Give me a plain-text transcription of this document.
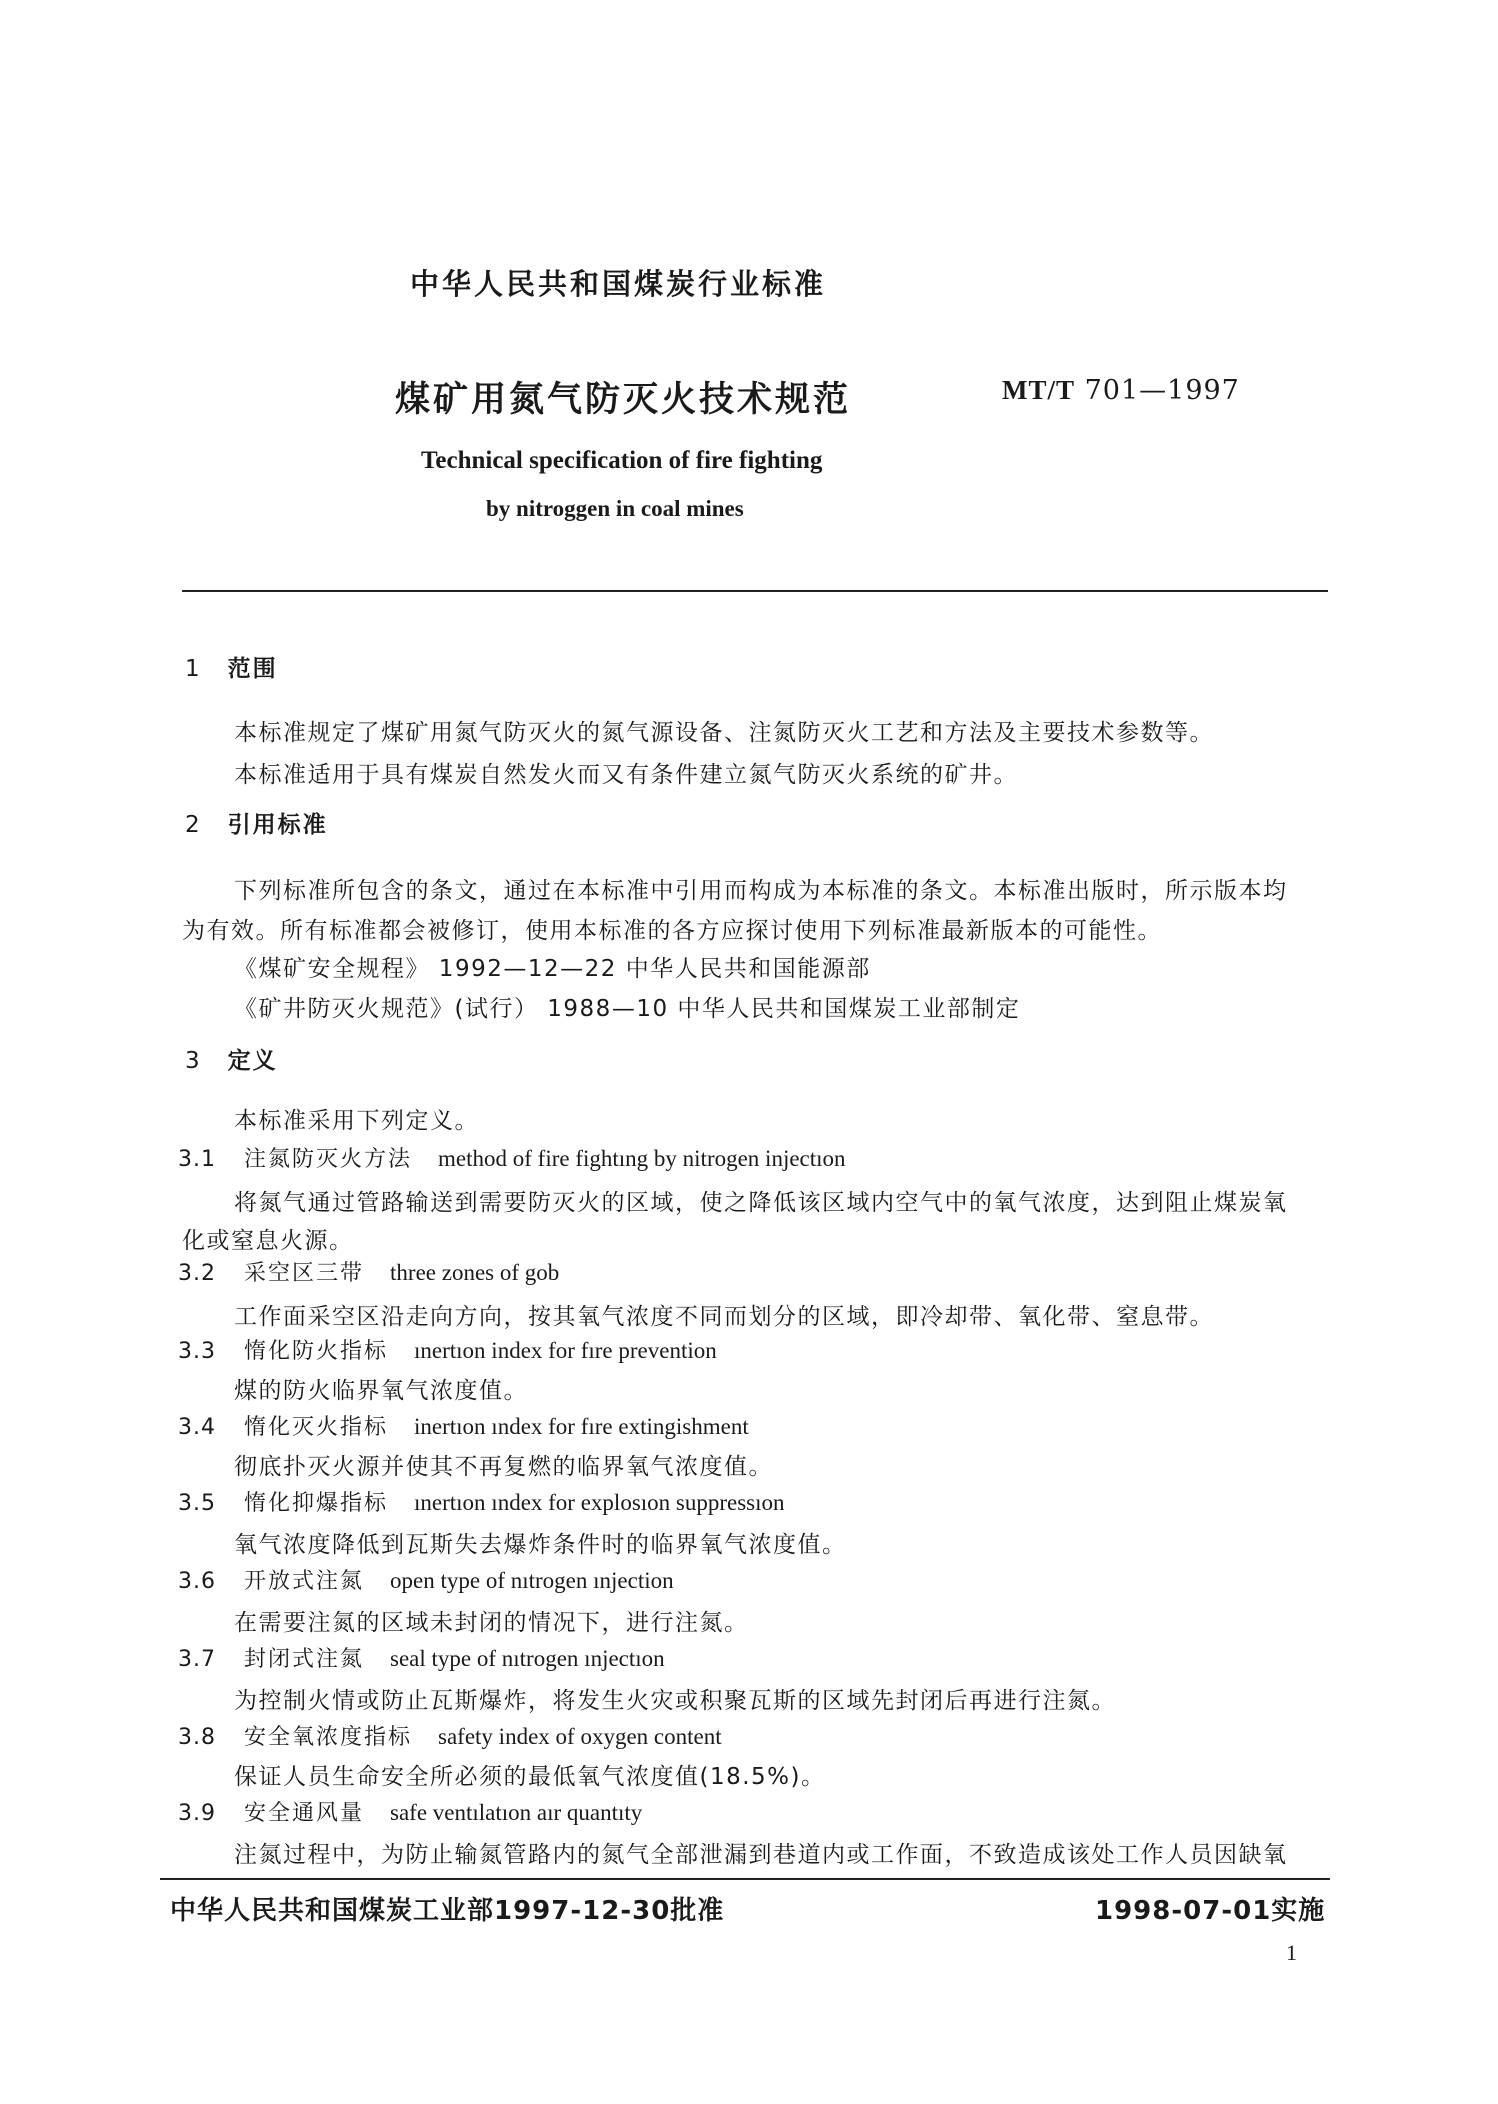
中华人民共和国煤炭行业标准
煤矿用氮气防灭火技术规范	MT/T 701—1997
Technical specification of fire fighting
by nitroggen in coal mines
1 范围
本标准规定了煤矿用氮气防灭火的氮气源设备、注氮防灭火工艺和方法及主要技术参数等。
本标准适用于具有煤炭自然发火而又有条件建立氮气防灭火系统的矿井。
2 引用标准
下列标准所包含的条文，通过在本标准中引用而构成为本标准的条文。本标准出版时，所示版本均
为有效。所有标准都会被修订，使用本标准的各方应探讨使用下列标准最新版本的可能性。
《煤矿安全规程》 1992—12—22 中华人民共和国能源部
《矿井防灭火规范》(试行） 1988—10 中华人民共和国煤炭工业部制定
3 定义
本标准采用下列定义。
3.1 注氮防灭火方法 method of fire fightıng by nitrogen injectıon
将氮气通过管路输送到需要防灭火的区域，使之降低该区域内空气中的氧气浓度，达到阻止煤炭氧
化或窒息火源。
3.2 采空区三带 three zones of gob
工作面采空区沿走向方向，按其氧气浓度不同而划分的区域，即冷却带、氧化带、窒息带。
3.3 惰化防火指标 ınertıon index for fıre prevention
煤的防火临界氧气浓度值。
3.4 惰化灭火指标 inertıon ındex for fıre extingishment
彻底扑灭火源并使其不再复燃的临界氧气浓度值。
3.5 惰化抑爆指标 ınertıon ındex for explosıon suppressıon
氧气浓度降低到瓦斯失去爆炸条件时的临界氧气浓度值。
3.6 开放式注氮 open type of nıtrogen ınjection
在需要注氮的区域未封闭的情况下，进行注氮。
3.7 封闭式注氮 seal type of nıtrogen ınjectıon
为控制火情或防止瓦斯爆炸，将发生火灾或积聚瓦斯的区域先封闭后再进行注氮。
3.8 安全氧浓度指标 safety index of oxygen content
保证人员生命安全所必须的最低氧气浓度值(18.5%)。
3.9 安全通风量 safe ventılatıon aır quantıty
注氮过程中，为防止输氮管路内的氮气全部泄漏到巷道内或工作面，不致造成该处工作人员因缺氧
中华人民共和国煤炭工业部1997-12-30批准	1998-07-01实施
1
